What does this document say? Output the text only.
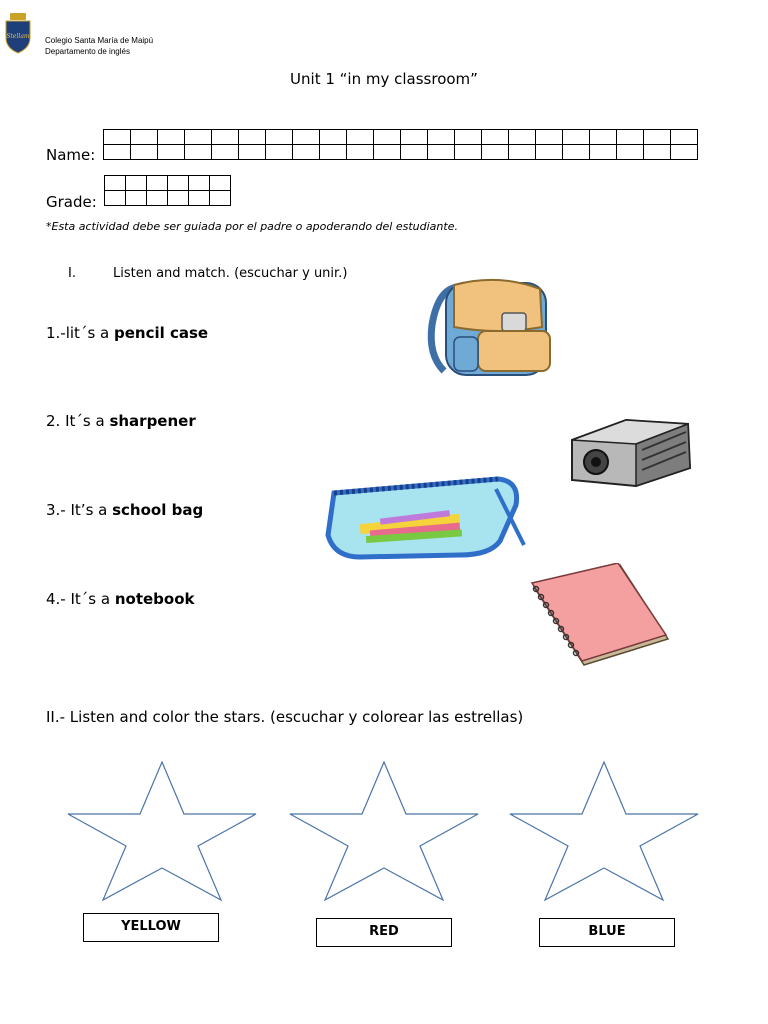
Stellam Colegio Santa María de Maipú
Departamento de inglés
Unit 1 “in my classroom”
Name:

Grade:

*Esta actividad debe ser guiada por el padre o apoderando del estudiante.
I.	Listen and match. (escuchar y unir.)
1.-lit´s a pencil case
2. It´s a sharpener
3.- It’s a school bag
4.- It´s a notebook
II.- Listen and color the stars. (escuchar y colorear las estrellas)
YELLOW	RED	BLUE
